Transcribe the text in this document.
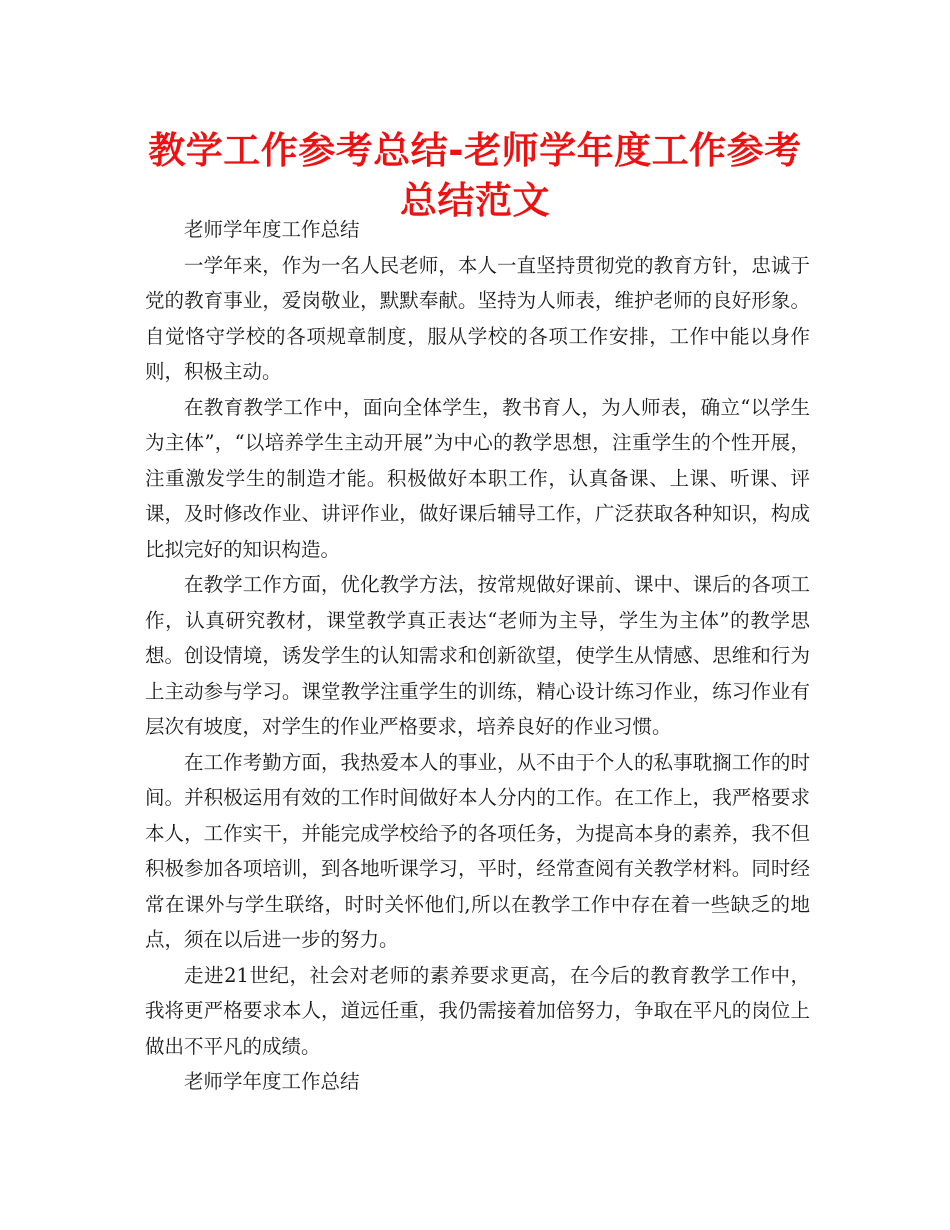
教学工作参考总结-老师学年度工作参考总结范文

老师学年度工作总结

一学年来，作为一名人民老师，本人一直坚持贯彻党的教育方针，忠诚于党的教育事业，爱岗敬业，默默奉献。坚持为人师表，维护老师的良好形象。自觉恪守学校的各项规章制度，服从学校的各项工作安排，工作中能以身作则，积极主动。

在教育教学工作中，面向全体学生，教书育人，为人师表，确立“以学生为主体”，“以培养学生主动开展”为中心的教学思想，注重学生的个性开展，注重激发学生的制造才能。积极做好本职工作，认真备课、上课、听课、评课，及时修改作业、讲评作业，做好课后辅导工作，广泛获取各种知识，构成比拟完好的知识构造。

在教学工作方面，优化教学方法，按常规做好课前、课中、课后的各项工作，认真研究教材，课堂教学真正表达“老师为主导，学生为主体”的教学思想。创设情境，诱发学生的认知需求和创新欲望，使学生从情感、思维和行为上主动参与学习。课堂教学注重学生的训练，精心设计练习作业，练习作业有层次有坡度，对学生的作业严格要求，培养良好的作业习惯。

在工作考勤方面，我热爱本人的事业，从不由于个人的私事耽搁工作的时间。并积极运用有效的工作时间做好本人分内的工作。在工作上，我严格要求本人，工作实干，并能完成学校给予的各项任务，为提高本身的素养，我不但积极参加各项培训，到各地听课学习，平时，经常查阅有关教学材料。同时经常在课外与学生联络，时时关怀他们,所以在教学工作中存在着一些缺乏的地点，须在以后进一步的努力。

走进21世纪，社会对老师的素养要求更高，在今后的教育教学工作中，我将更严格要求本人，道远任重，我仍需接着加倍努力，争取在平凡的岗位上做出不平凡的成绩。

老师学年度工作总结
